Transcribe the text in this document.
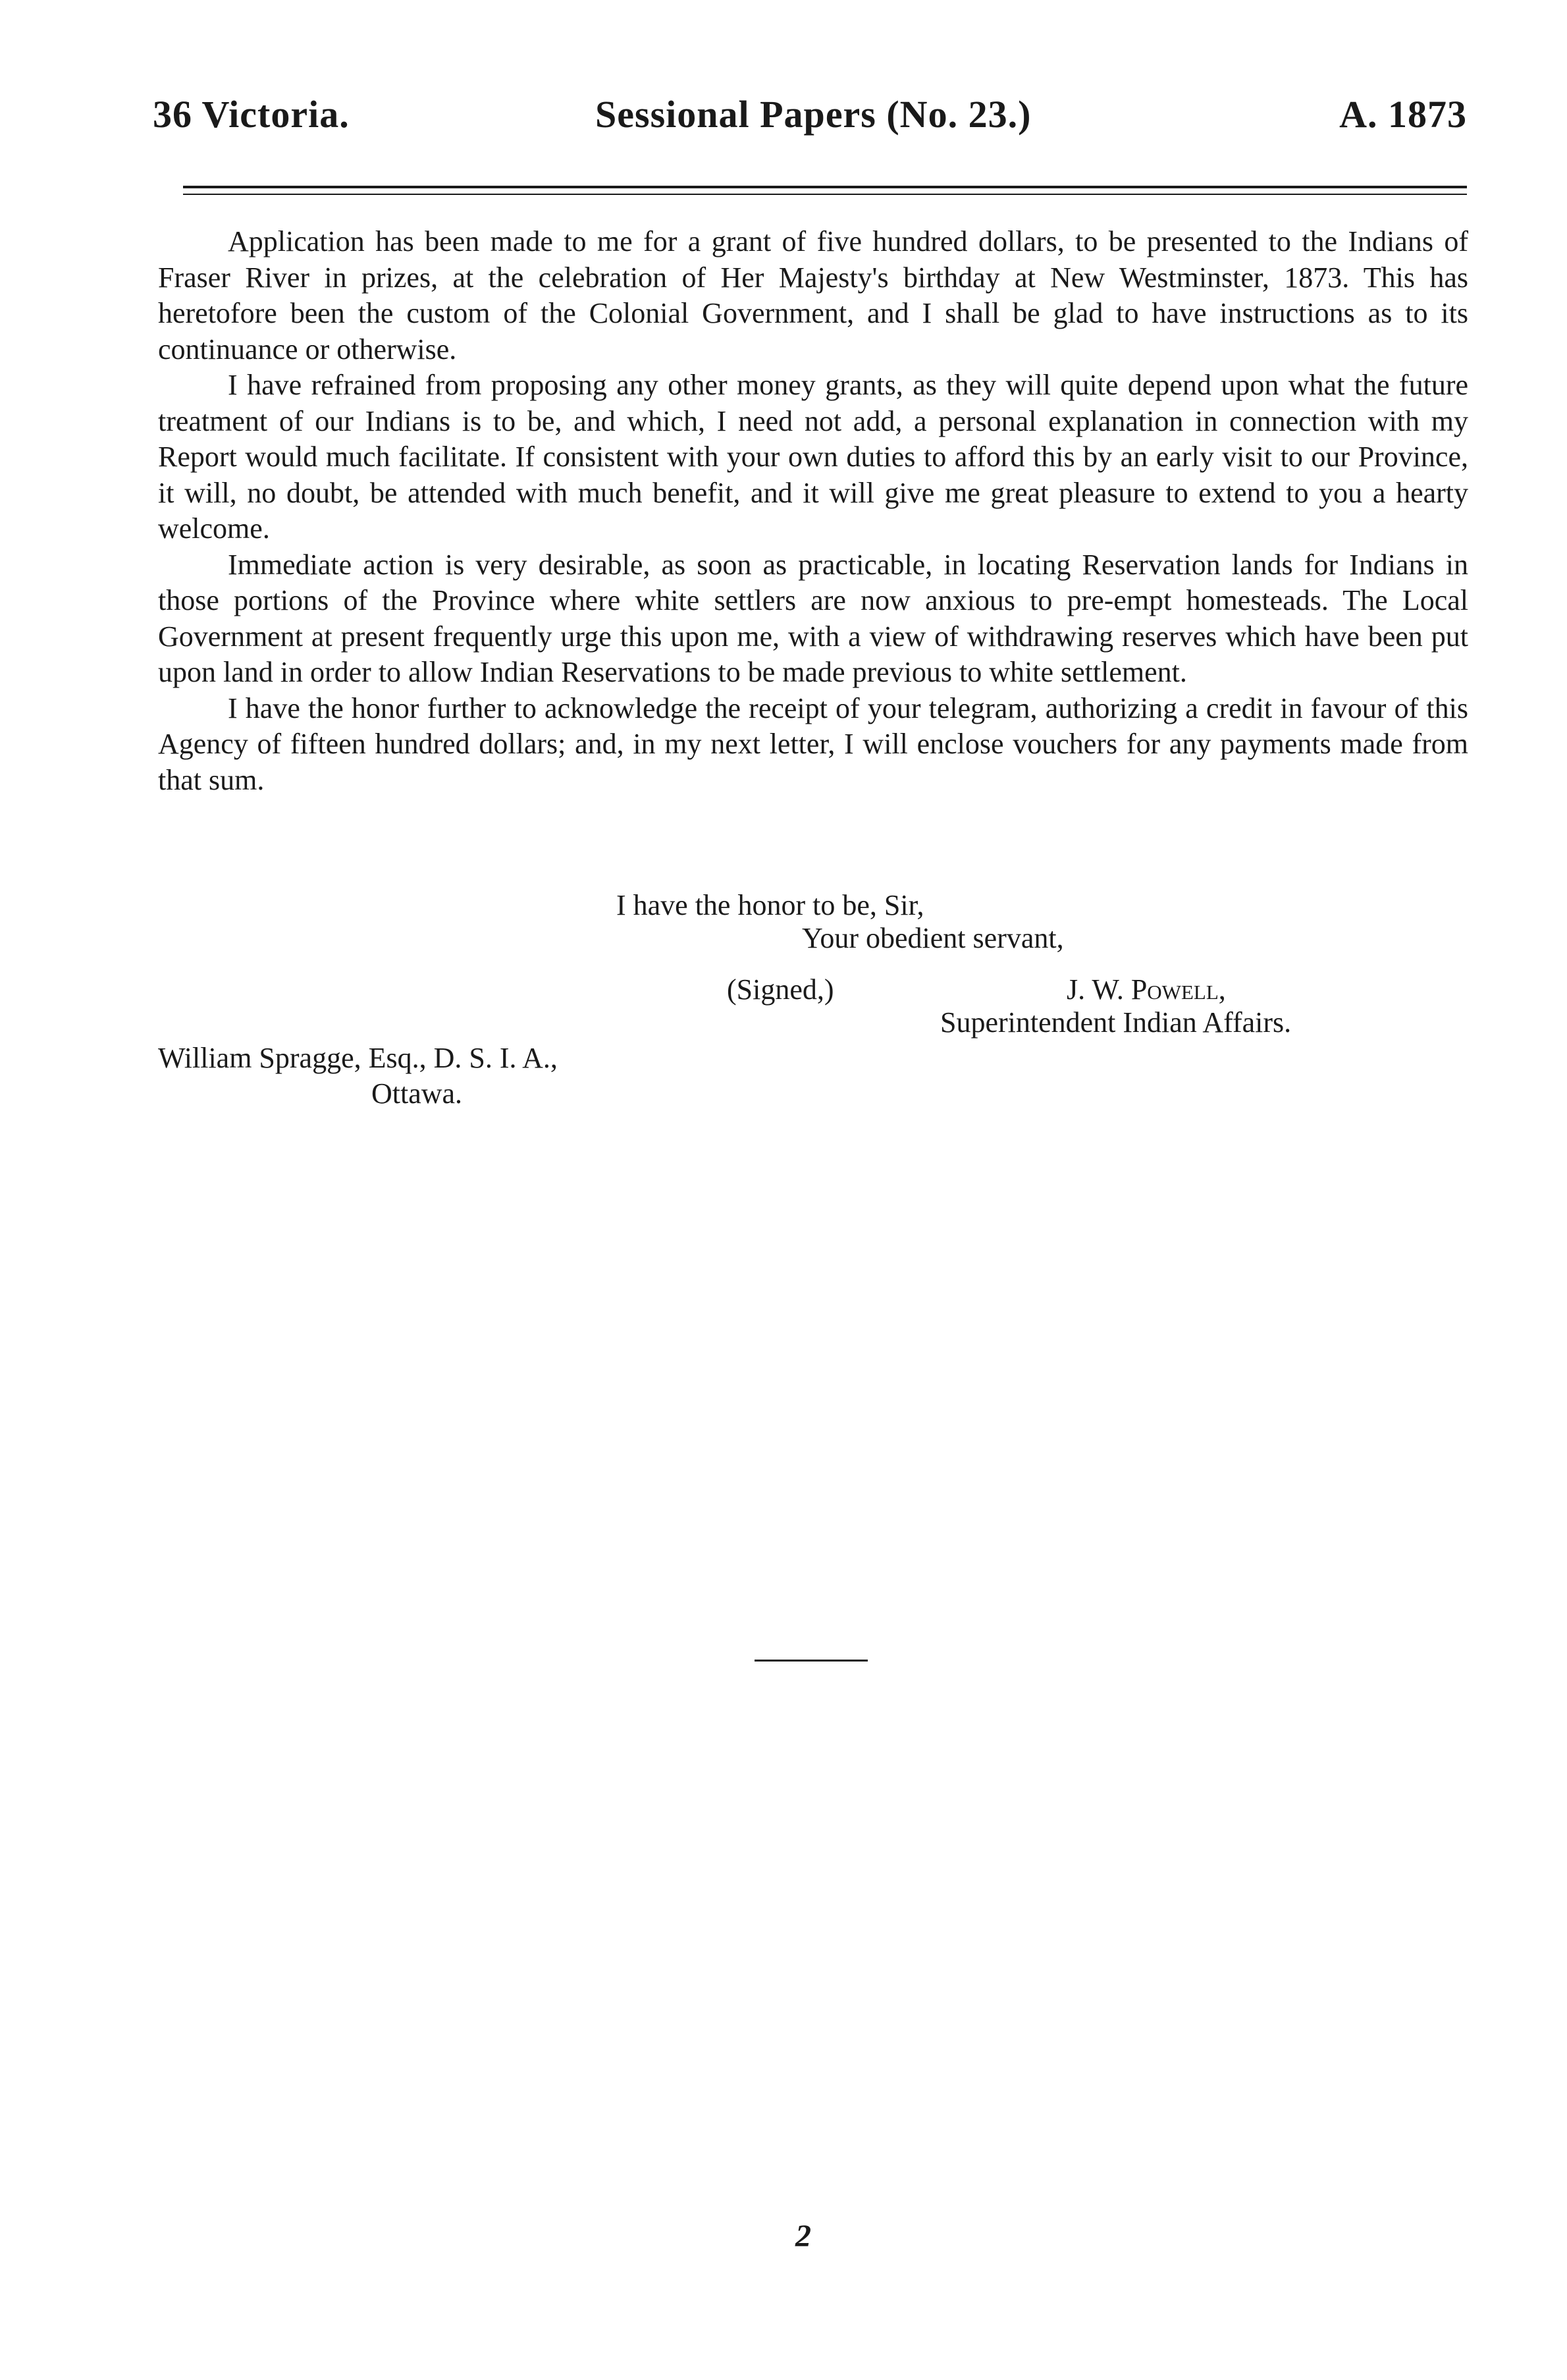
36 Victoria.	Sessional Papers (No. 23.)	A. 1873

Application has been made to me for a grant of five hundred dollars, to be presented to the Indians of Fraser River in prizes, at the celebration of Her Majesty's birthday at New Westminster, 1873. This has heretofore been the custom of the Colonial Government, and I shall be glad to have instructions as to its continuance or otherwise.

I have refrained from proposing any other money grants, as they will quite depend upon what the future treatment of our Indians is to be, and which, I need not add, a personal explanation in connection with my Report would much facilitate. If consistent with your own duties to afford this by an early visit to our Province, it will, no doubt, be attended with much benefit, and it will give me great pleasure to extend to you a hearty welcome.

Immediate action is very desirable, as soon as practicable, in locating Reservation lands for Indians in those portions of the Province where white settlers are now anxious to pre-empt homesteads. The Local Government at present frequently urge this upon me, with a view of withdrawing reserves which have been put upon land in order to allow Indian Reservations to be made previous to white settlement.

I have the honor further to acknowledge the receipt of your telegram, authorizing a credit in favour of this Agency of fifteen hundred dollars; and, in my next letter, I will enclose vouchers for any payments made from that sum.

I have the honor to be, Sir,
Your obedient servant,
(Signed,)	J. W. Powell,
Superintendent Indian Affairs.
William Spragge, Esq., D. S. I. A.,
Ottawa.
2
